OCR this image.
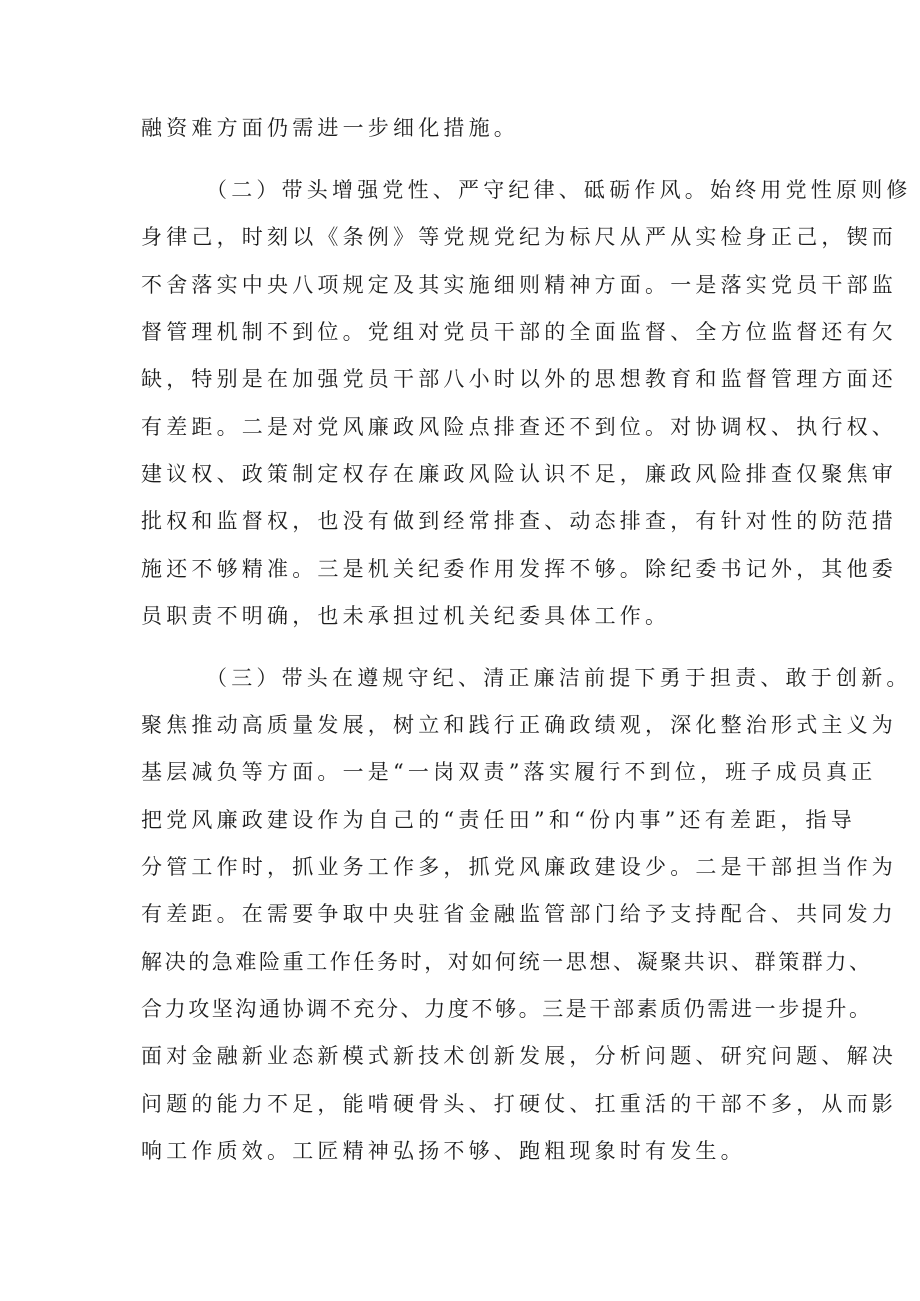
融资难方面仍需进一步细化措施。

（二）带头增强党性、严守纪律、砥砺作风。始终用党性原则修

身律己，时刻以《条例》等党规党纪为标尺从严从实检身正己，锲而

不舍落实中央八项规定及其实施细则精神方面。一是落实党员干部监

督管理机制不到位。党组对党员干部的全面监督、全方位监督还有欠

缺，特别是在加强党员干部八小时以外的思想教育和监督管理方面还

有差距。二是对党风廉政风险点排查还不到位。对协调权、执行权、

建议权、政策制定权存在廉政风险认识不足，廉政风险排查仅聚焦审

批权和监督权，也没有做到经常排查、动态排查，有针对性的防范措

施还不够精准。三是机关纪委作用发挥不够。除纪委书记外，其他委

员职责不明确，也未承担过机关纪委具体工作。

（三）带头在遵规守纪、清正廉洁前提下勇于担责、敢于创新。

聚焦推动高质量发展，树立和践行正确政绩观，深化整治形式主义为

基层减负等方面。一是“一岗双责”落实履行不到位，班子成员真正

把党风廉政建设作为自己的“责任田”和“份内事”还有差距，指导

分管工作时，抓业务工作多，抓党风廉政建设少。二是干部担当作为

有差距。在需要争取中央驻省金融监管部门给予支持配合、共同发力

解决的急难险重工作任务时，对如何统一思想、凝聚共识、群策群力、

合力攻坚沟通协调不充分、力度不够。三是干部素质仍需进一步提升。

面对金融新业态新模式新技术创新发展，分析问题、研究问题、解决

问题的能力不足，能啃硬骨头、打硬仗、扛重活的干部不多，从而影

响工作质效。工匠精神弘扬不够、跑粗现象时有发生。
